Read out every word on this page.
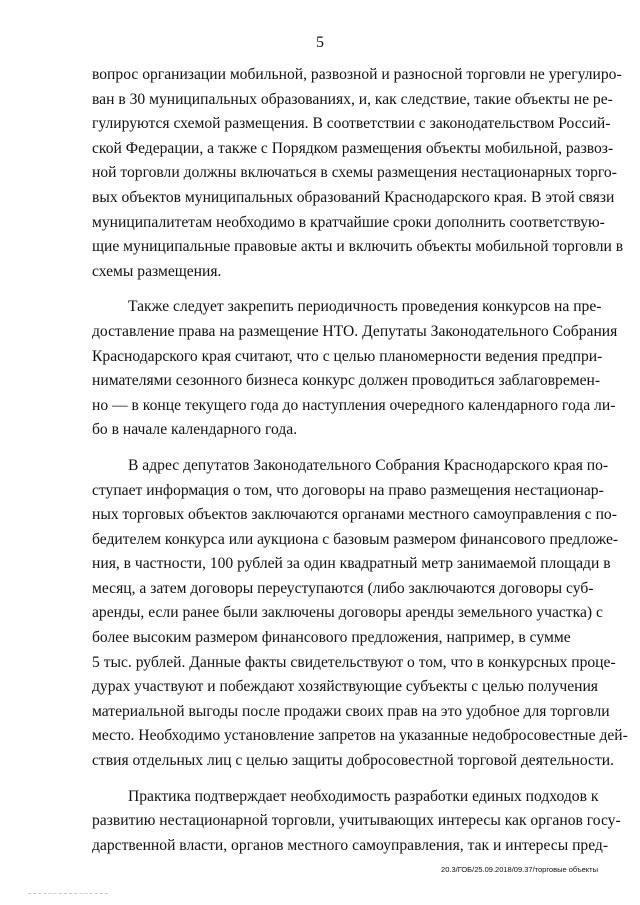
5
вопрос организации мобильной, развозной и разносной торговли не урегулиро-
ван в 30 муниципальных образованиях, и, как следствие, такие объекты не ре-
гулируются схемой размещения. В соответствии с законодательством Россий-
ской Федерации, а также с Порядком размещения объекты мобильной, развоз-
ной торговли должны включаться в схемы размещения нестационарных торго-
вых объектов муниципальных образований Краснодарского края. В этой связи
муниципалитетам необходимо в кратчайшие сроки дополнить соответствую-
щие муниципальные правовые акты и включить объекты мобильной торговли в
схемы размещения.
Также следует закрепить периодичность проведения конкурсов на пре-
доставление права на размещение НТО. Депутаты Законодательного Собрания
Краснодарского края считают, что с целью планомерности ведения предпри-
нимателями сезонного бизнеса конкурс должен проводиться заблаговремен-
но — в конце текущего года до наступления очередного календарного года ли-
бо в начале календарного года.
В адрес депутатов Законодательного Собрания Краснодарского края по-
ступает информация о том, что договоры на право размещения нестационар-
ных торговых объектов заключаются органами местного самоуправления с по-
бедителем конкурса или аукциона с базовым размером финансового предложе-
ния, в частности, 100 рублей за один квадратный метр занимаемой площади в
месяц, а затем договоры переуступаются (либо заключаются договоры суб-
аренды, если ранее были заключены договоры аренды земельного участка) с
более высоким размером финансового предложения, например, в сумме
5 тыс. рублей. Данные факты свидетельствуют о том, что в конкурсных проце-
дурах участвуют и побеждают хозяйствующие субъекты с целью получения
материальной выгоды после продажи своих прав на это удобное для торговли
место. Необходимо установление запретов на указанные недобросовестные дей-
ствия отдельных лиц с целью защиты добросовестной торговой деятельности.
Практика подтверждает необходимость разработки единых подходов к
развитию нестационарной торговли, учитывающих интересы как органов госу-
дарственной власти, органов местного самоуправления, так и интересы пред-
20.3/ГОБ/25.09.2018/09.37/торговые объекты
